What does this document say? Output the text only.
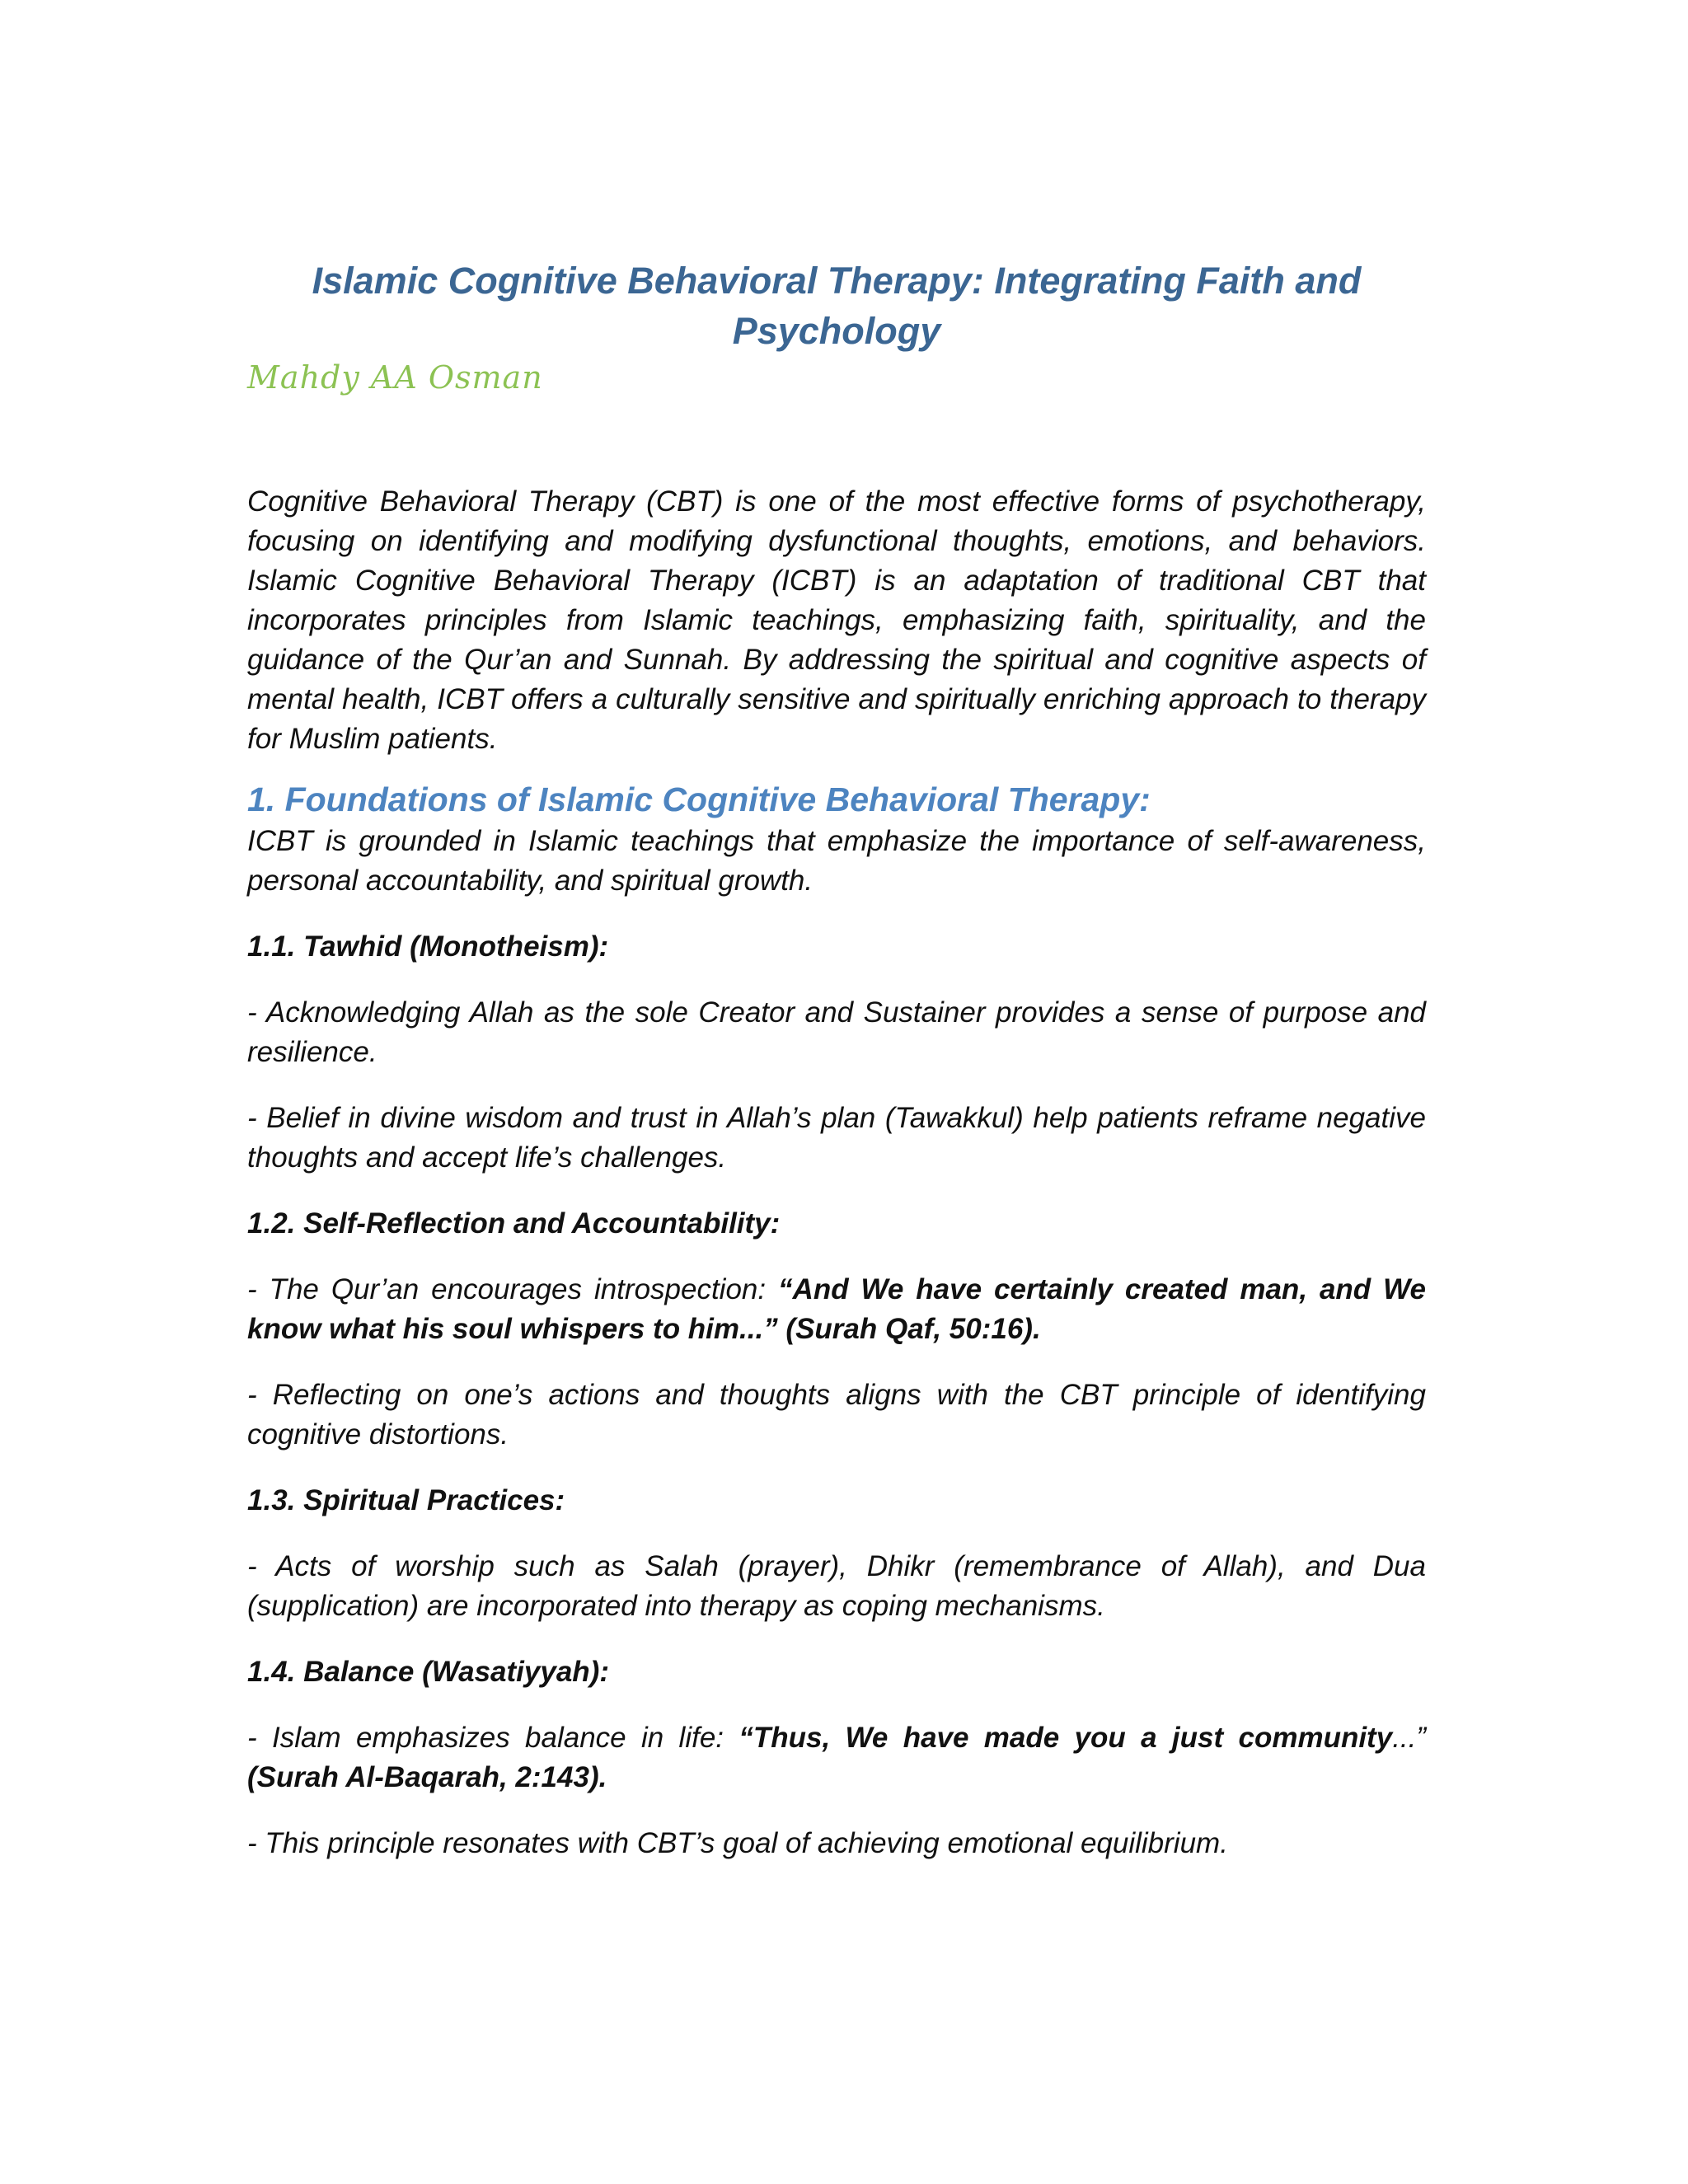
Islamic Cognitive Behavioral Therapy: Integrating Faith and Psychology
Mahdy AA Osman

Cognitive Behavioral Therapy (CBT) is one of the most effective forms of psychotherapy, focusing on identifying and modifying dysfunctional thoughts, emotions, and behaviors. Islamic Cognitive Behavioral Therapy (ICBT) is an adaptation of traditional CBT that incorporates principles from Islamic teachings, emphasizing faith, spirituality, and the guidance of the Qur’an and Sunnah. By addressing the spiritual and cognitive aspects of mental health, ICBT offers a culturally sensitive and spiritually enriching approach to therapy for Muslim patients.

1. Foundations of Islamic Cognitive Behavioral Therapy:

ICBT is grounded in Islamic teachings that emphasize the importance of self-awareness, personal accountability, and spiritual growth.

1.1. Tawhid (Monotheism):

- Acknowledging Allah as the sole Creator and Sustainer provides a sense of purpose and resilience.

- Belief in divine wisdom and trust in Allah’s plan (Tawakkul) help patients reframe negative thoughts and accept life’s challenges.

1.2. Self-Reflection and Accountability:

- The Qur’an encourages introspection: “And We have certainly created man, and We know what his soul whispers to him...” (Surah Qaf, 50:16).

- Reflecting on one’s actions and thoughts aligns with the CBT principle of identifying cognitive distortions.

1.3. Spiritual Practices:

- Acts of worship such as Salah (prayer), Dhikr (remembrance of Allah), and Dua (supplication) are incorporated into therapy as coping mechanisms.

1.4. Balance (Wasatiyyah):

- Islam emphasizes balance in life: “Thus, We have made you a just community...” (Surah Al-Baqarah, 2:143).

- This principle resonates with CBT’s goal of achieving emotional equilibrium.
